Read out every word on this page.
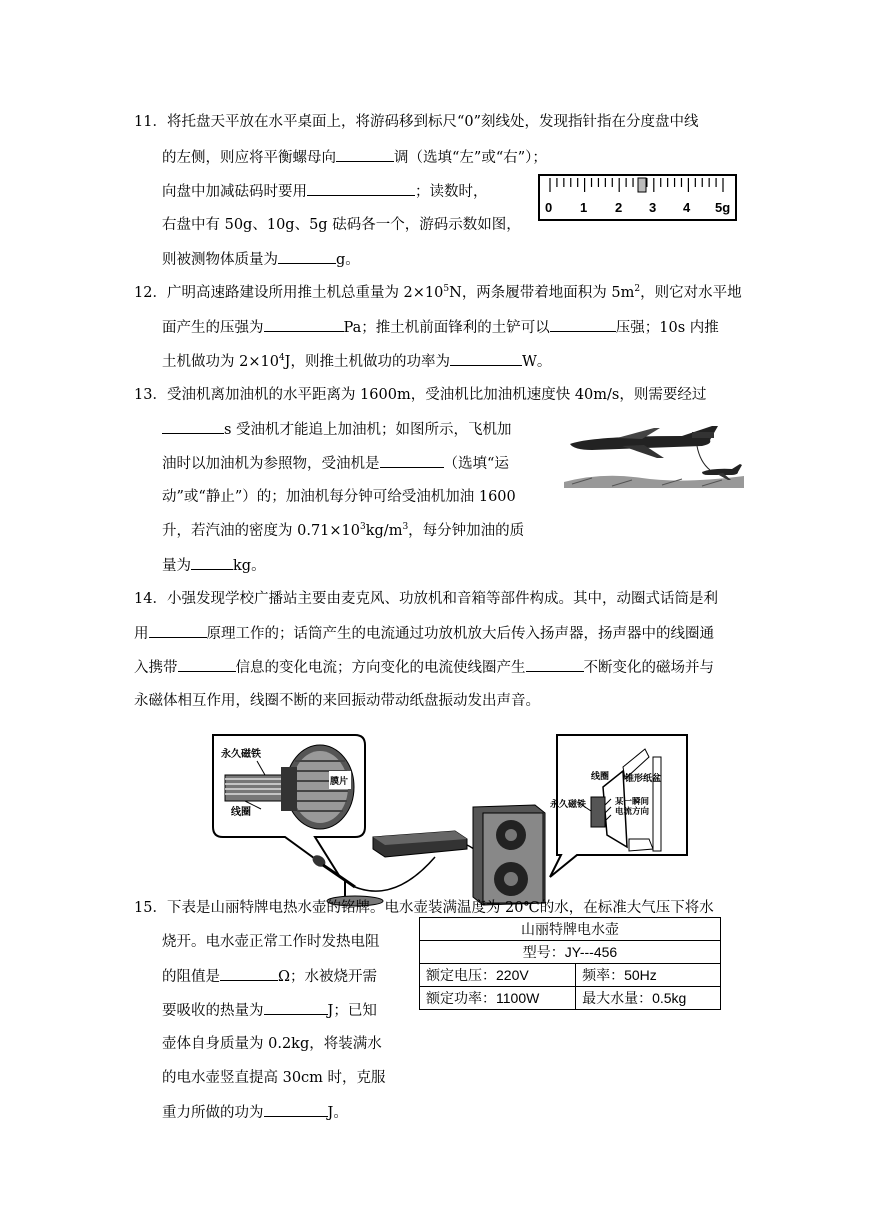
11．将托盘天平放在水平桌面上，将游码移到标尺“0”刻线处，发现指针指在分度盘中线
的左侧，则应将平衡螺母向	调（选填“左”或“右”）；
向盘中加减砝码时要用	；读数时，
右盘中有 50g、10g、5g 砝码各一个，游码示数如图，
则被测物体质量为	g。
0 1 2 3 4 5g
12．广明高速路建设所用推土机总重量为 $2\times 10^5N$，两条履带着地面积为 $5m^2$，则它对水平地
面产生的压强为	Pa；推土机前面锋利的土铲可以	压强；10s 内推
土机做功为 $2\times 10^4J$，则推土机做功的功率为	W。
13．受油机离加油机的水平距离为 1600m，受油机比加油机速度快 40m/s，则需要经过
s 受油机才能追上加油机；如图所示，飞机加
油时以加油机为参照物，受油机是	（选填“运
动”或“静止”）的；加油机每分钟可给受油机加油 1600
升，若汽油的密度为 $0.71\times 10^3kg/m^3$，每分钟加油的质
量为	kg。
14．小强发现学校广播站主要由麦克风、功放机和音箱等部件构成。其中，动圈式话筒是利
用	原理工作的；话筒产生的电流通过功放机放大后传入扬声器，扬声器中的线圈通
入携带	信息的变化电流；方向变化的电流使线圈产生	不断变化的磁场并与
永磁体相互作用，线圈不断的来回振动带动纸盘振动发出声音。
永久磁铁
线圈
膜片	线圈 锥形纸盆
永久磁铁	某一瞬间电流方向
15．下表是山丽特牌电热水壶的铭牌。电水壶装满温度为 20℃的水，在标准大气压下将水
烧开。电水壶正常工作时发热电阻
的阻值是	Ω；水被烧开需
要吸收的热量为	J；已知
壶体自身质量为 0.2kg，将装满水
的电水壶竖直提高 30cm 时，克服
重力所做的功为	J。
山丽特牌电水壶	
型号：JY---456	
额定电压：220V	频率：50Hz
额定功率：1100W	最大水量：0.5kg
